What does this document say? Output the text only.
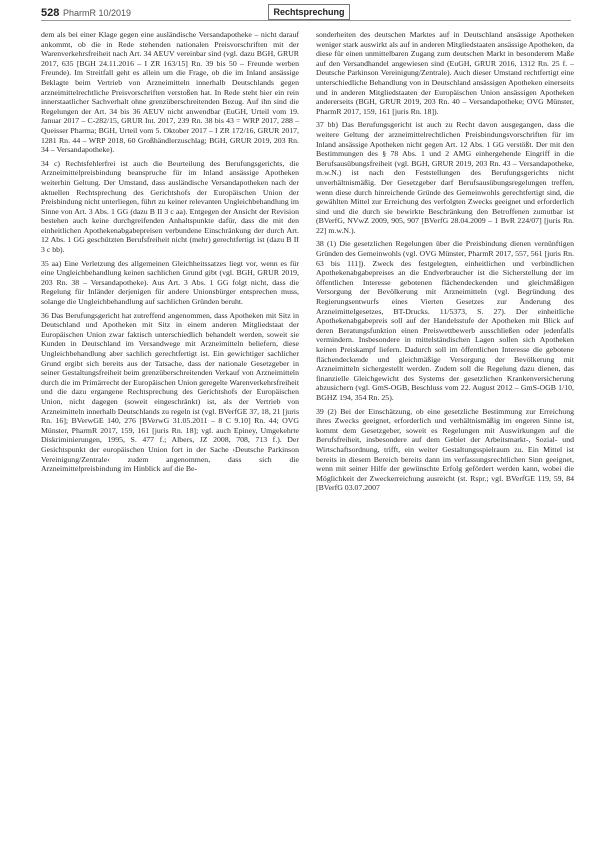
528 PharmR 10/2019	Rechtsprechung

dem als bei einer Klage gegen eine ausländische Versandapotheke – nicht darauf ankommt, ob die in Rede stehenden nationalen Preisvorschriften mit der Warenverkehrsfreiheit nach Art. 34 AEUV vereinbar sind (vgl. dazu BGH, GRUR 2017, 635 [BGH 24.11.2016 – I ZR 163/15] Rn. 39 bis 50 – Freunde werben Freunde). Im Streitfall geht es allein um die Frage, ob die im Inland ansässige Beklagte beim Vertrieb von Arzneimitteln innerhalb Deutschlands gegen arzneimittelrechtliche Preisvorschriften verstoßen hat. In Rede steht hier ein rein innerstaatlicher Sachverhalt ohne grenzüberschreitenden Bezug. Auf ihn sind die Regelungen der Art. 34 bis 36 AEUV nicht anwendbar (EuGH, Urteil vom 19. Januar 2017 – C-282/15, GRUR Int. 2017, 239 Rn. 38 bis 43 = WRP 2017, 288 – Queisser Pharma; BGH, Urteil vom 5. Oktober 2017 – I ZR 172/16, GRUR 2017, 1281 Rn. 44 – WRP 2018, 60 Großhändlerzuschlag; BGH, GRUR 2019, 203 Rn. 34 – Versandapotheke).

34 c) Rechtsfehlerfrei ist auch die Beurteilung des Berufungsgerichts, die Arzneimittelpreisbindung beanspruche für im Inland ansässige Apotheken weiterhin Geltung. Der Umstand, dass ausländische Versandapotheken nach der aktuellen Rechtsprechung des Gerichtshofs der Europäischen Union der Preisbindung nicht unterliegen, führt zu keiner relevanten Ungleichbehandlung im Sinne von Art. 3 Abs. 1 GG (dazu B II 3 c aa). Entgegen der Ansicht der Revision bestehen auch keine durchgreifenden Anhaltspunkte dafür, dass die mit den einheitlichen Apothekenabgabepreisen verbundene Einschränkung der durch Art. 12 Abs. 1 GG geschützten Berufsfreiheit nicht (mehr) gerechtfertigt ist (dazu B II 3 c bb).

35 aa) Eine Verletzung des allgemeinen Gleichheitssatzes liegt vor, wenn es für eine Ungleichbehandlung keinen sachlichen Grund gibt (vgl. BGH, GRUR 2019, 203 Rn. 38 – Versandapotheke). Aus Art. 3 Abs. 1 GG folgt nicht, dass die Regelung für Inländer derjenigen für andere Unionsbürger entsprechen muss, solange die Ungleichbehandlung auf sachlichen Gründen beruht.

36 Das Berufungsgericht hat zutreffend angenommen, dass Apotheken mit Sitz in Deutschland und Apotheken mit Sitz in einem anderen Mitgliedstaat der Europäischen Union zwar faktisch unterschiedlich behandelt werden, soweit sie Kunden in Deutschland im Versandwege mit Arzneimitteln beliefern, diese Ungleichbehandlung aber sachlich gerechtfertigt ist. Ein gewichtiger sachlicher Grund ergibt sich bereits aus der Tatsache, dass der nationale Gesetzgeber in seiner Gestaltungsfreiheit beim grenzüberschreitenden Verkauf von Arzneimitteln durch die im Primärrecht der Europäischen Union geregelte Warenverkehrsfreiheit und die dazu ergangene Rechtsprechung des Gerichtshofs der Europäischen Union, nicht dagegen (soweit eingeschränkt) ist, als der Vertrieb von Arzneimitteln innerhalb Deutschlands zu regeln ist (vgl. BVerfGE 37, 18, 21 [juris Rn. 16]; BVerwGE 140, 276 [BVerwG 31.05.2011 – 8 C 9.10] Rn. 44; OVG Münster, PharmR 2017, 159, 161 [juris Rn. 18]; vgl. auch Epiney, Umgekehrte Diskriminierungen, 1995, S. 477 f.; Albers, JZ 2008, 708, 713 f.). Der Gesichtspunkt der europäischen Union fort in der Sache ›Deutsche Parkinson Vereinigung/Zentrale‹ zudem angenommen, dass sich die Arzneimittelpreisbindung im Hinblick auf die Be-

sonderheiten des deutschen Marktes auf in Deutschland ansässige Apotheken weniger stark auswirkt als auf in anderen Mitgliedstaaten ansässige Apotheken, da diese für einen unmittelbaren Zugang zum deutschen Markt in besonderem Maße auf den Versandhandel angewiesen sind (EuGH, GRUR 2016, 1312 Rn. 25 f. – Deutsche Parkinson Vereinigung/Zentrale). Auch dieser Umstand rechtfertigt eine unterschiedliche Behandlung von in Deutschland ansässigen Apotheken einerseits und in anderen Mitgliedstaaten der Europäischen Union ansässigen Apotheken andererseits (BGH, GRUR 2019, 203 Rn. 40 – Versandapotheke; OVG Münster, PharmR 2017, 159, 161 [juris Rn. 18]).

37 bb) Das Berufungsgericht ist auch zu Recht davon ausgegangen, dass die weitere Geltung der arzneimittelrechtlichen Preisbindungsvorschriften für im Inland ansässige Apotheken nicht gegen Art. 12 Abs. 1 GG verstößt. Der mit den Bestimmungen des § 78 Abs. 1 und 2 AMG einhergehende Eingriff in die Berufsausübungsfreiheit (vgl. BGH, GRUR 2019, 203 Rn. 43 – Versandapotheke, m.w.N.) ist nach den Feststellungen des Berufungsgerichts nicht unverhältnismäßig. Der Gesetzgeber darf Berufsausübungsregelungen treffen, wenn diese durch hinreichende Gründe des Gemeinwohls gerechtfertigt sind, die gewählten Mittel zur Erreichung des verfolgten Zwecks geeignet und erforderlich sind und die durch sie bewirkte Beschränkung den Betroffenen zumutbar ist (BVerfG, NVwZ 2009, 905, 907 [BVerfG 28.04.2009 – 1 BvR 224/07] [juris Rn. 22] m.w.N.).

38 (1) Die gesetzlichen Regelungen über die Preisbindung dienen vernünftigen Gründen des Gemeinwohls (vgl. OVG Münster, PharmR 2017, 557, 561 [juris Rn. 63 bis 111]). Zweck des festgelegten, einheitlichen und verbindlichen Apothekenabgabepreises an die Endverbraucher ist die Sicherstellung der im öffentlichen Interesse gebotenen flächendeckenden und gleichmäßigen Versorgung der Bevölkerung mit Arzneimitteln (vgl. Begründung des Regierungsentwurfs eines Vierten Gesetzes zur Änderung des Arzneimittelgesetzes, BT-Drucks. 11/5373, S. 27). Der einheitliche Apothekenabgabepreis soll auf der Handelsstufe der Apotheken mit Blick auf deren Beratungsfunktion einen Preiswettbewerb ausschließen oder jedenfalls vermindern. Insbesondere in mittelständischen Lagen sollen sich Apotheken keinen Preiskampf liefern. Dadurch soll im öffentlichen Interesse die gebotene flächendeckende und gleichmäßige Versorgung der Bevölkerung mit Arzneimitteln sichergestellt werden. Zudem soll die Regelung dazu dienen, das finanzielle Gleichgewicht des Systems der gesetzlichen Krankenversicherung abzusichern (vgl. GmS-OGB, Beschluss vom 22. August 2012 – GmS-OGB 1/10, BGHZ 194, 354 Rn. 25).

39 (2) Bei der Einschätzung, ob eine gesetzliche Bestimmung zur Erreichung ihres Zwecks geeignet, erforderlich und verhältnismäßig im engeren Sinne ist, kommt dem Gesetzgeber, soweit es Regelungen mit Auswirkungen auf die Berufsfreiheit, insbesondere auf dem Gebiet der Arbeitsmarkt-, Sozial- und Wirtschaftsordnung, trifft, ein weiter Gestaltungsspielraum zu. Ein Mittel ist bereits in diesem Bereich bereits dann im verfassungsrechtlichen Sinn geeignet, wenn mit seiner Hilfe der gewünschte Erfolg gefördert werden kann, wobei die Möglichkeit der Zweckerreichung ausreicht (st. Rspr.; vgl. BVerfGE 119, 59, 84 [BVerfG 03.07.2007
